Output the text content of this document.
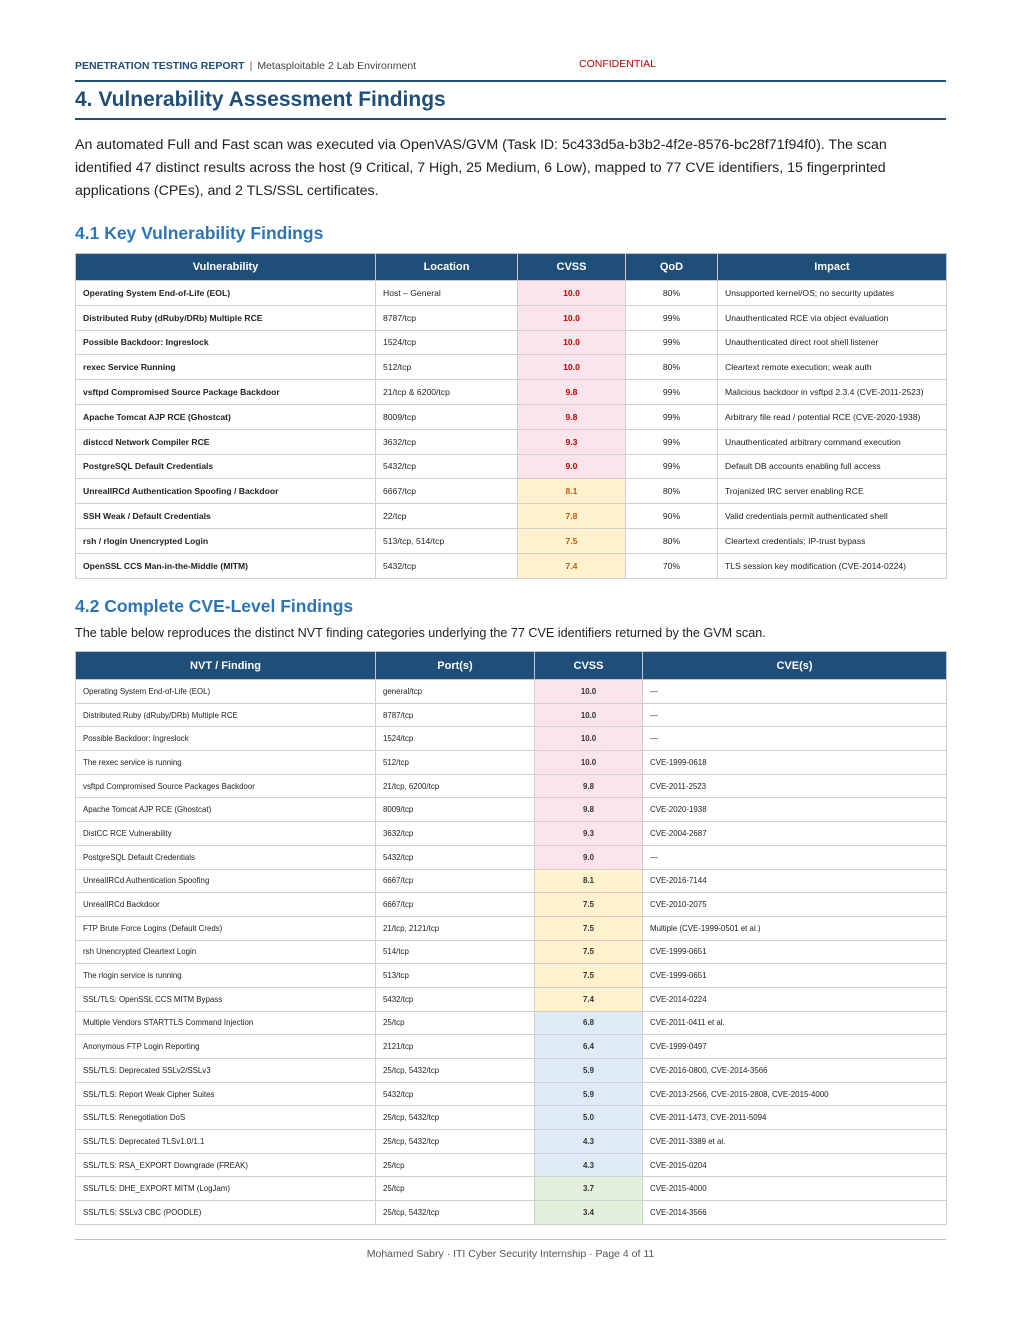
PENETRATION TESTING REPORT | Metasploitable 2 Lab Environment	CONFIDENTIAL
4. Vulnerability Assessment Findings

An automated Full and Fast scan was executed via OpenVAS/GVM (Task ID: 5c433d5a-b3b2-4f2e-8576-bc28f71f94f0). The scan identified 47 distinct results across the host (9 Critical, 7 High, 25 Medium, 6 Low), mapped to 77 CVE identifiers, 15 fingerprinted applications (CPEs), and 2 TLS/SSL certificates.

4.1 Key Vulnerability Findings
Vulnerability	Location	CVSS	QoD	Impact
Operating System End-of-Life (EOL)	Host – General	10.0	80%	Unsupported kernel/OS; no security updates
Distributed Ruby (dRuby/DRb) Multiple RCE	8787/tcp	10.0	99%	Unauthenticated RCE via object evaluation
Possible Backdoor: Ingreslock	1524/tcp	10.0	99%	Unauthenticated direct root shell listener
rexec Service Running	512/tcp	10.0	80%	Cleartext remote execution; weak auth
vsftpd Compromised Source Package Backdoor	21/tcp & 6200/tcp	9.8	99%	Malicious backdoor in vsftpd 2.3.4 (CVE-2011-2523)
Apache Tomcat AJP RCE (Ghostcat)	8009/tcp	9.8	99%	Arbitrary file read / potential RCE (CVE-2020-1938)
distccd Network Compiler RCE	3632/tcp	9.3	99%	Unauthenticated arbitrary command execution
PostgreSQL Default Credentials	5432/tcp	9.0	99%	Default DB accounts enabling full access
UnrealIRCd Authentication Spoofing / Backdoor	6667/tcp	8.1	80%	Trojanized IRC server enabling RCE
SSH Weak / Default Credentials	22/tcp	7.8	90%	Valid credentials permit authenticated shell
rsh / rlogin Unencrypted Login	513/tcp, 514/tcp	7.5	80%	Cleartext credentials; IP-trust bypass
OpenSSL CCS Man-in-the-Middle (MITM)	5432/tcp	7.4	70%	TLS session key modification (CVE-2014-0224)
4.2 Complete CVE-Level Findings

The table below reproduces the distinct NVT finding categories underlying the 77 CVE identifiers returned by the GVM scan.

NVT / Finding	Port(s)	CVSS	CVE(s)
Operating System End-of-Life (EOL)	general/tcp	10.0	—
Distributed Ruby (dRuby/DRb) Multiple RCE	8787/tcp	10.0	—
Possible Backdoor: Ingreslock	1524/tcp	10.0	—
The rexec service is running	512/tcp	10.0	CVE-1999-0618
vsftpd Compromised Source Packages Backdoor	21/tcp, 6200/tcp	9.8	CVE-2011-2523
Apache Tomcat AJP RCE (Ghostcat)	8009/tcp	9.8	CVE-2020-1938
DistCC RCE Vulnerability	3632/tcp	9.3	CVE-2004-2687
PostgreSQL Default Credentials	5432/tcp	9.0	—
UnrealIRCd Authentication Spoofing	6667/tcp	8.1	CVE-2016-7144
UnrealIRCd Backdoor	6667/tcp	7.5	CVE-2010-2075
FTP Brute Force Logins (Default Creds)	21/tcp, 2121/tcp	7.5	Multiple (CVE-1999-0501 et al.)
rsh Unencrypted Cleartext Login	514/tcp	7.5	CVE-1999-0651
The rlogin service is running	513/tcp	7.5	CVE-1999-0651
SSL/TLS: OpenSSL CCS MITM Bypass	5432/tcp	7.4	CVE-2014-0224
Multiple Vendors STARTTLS Command Injection	25/tcp	6.8	CVE-2011-0411 et al.
Anonymous FTP Login Reporting	2121/tcp	6.4	CVE-1999-0497
SSL/TLS: Deprecated SSLv2/SSLv3	25/tcp, 5432/tcp	5.9	CVE-2016-0800, CVE-2014-3566
SSL/TLS: Report Weak Cipher Suites	5432/tcp	5.9	CVE-2013-2566, CVE-2015-2808, CVE-2015-4000
SSL/TLS: Renegotiation DoS	25/tcp, 5432/tcp	5.0	CVE-2011-1473, CVE-2011-5094
SSL/TLS: Deprecated TLSv1.0/1.1	25/tcp, 5432/tcp	4.3	CVE-2011-3389 et al.
SSL/TLS: RSA_EXPORT Downgrade (FREAK)	25/tcp	4.3	CVE-2015-0204
SSL/TLS: DHE_EXPORT MITM (LogJam)	25/tcp	3.7	CVE-2015-4000
SSL/TLS: SSLv3 CBC (POODLE)	25/tcp, 5432/tcp	3.4	CVE-2014-3566
Mohamed Sabry · ITI Cyber Security Internship · Page 4 of 11
